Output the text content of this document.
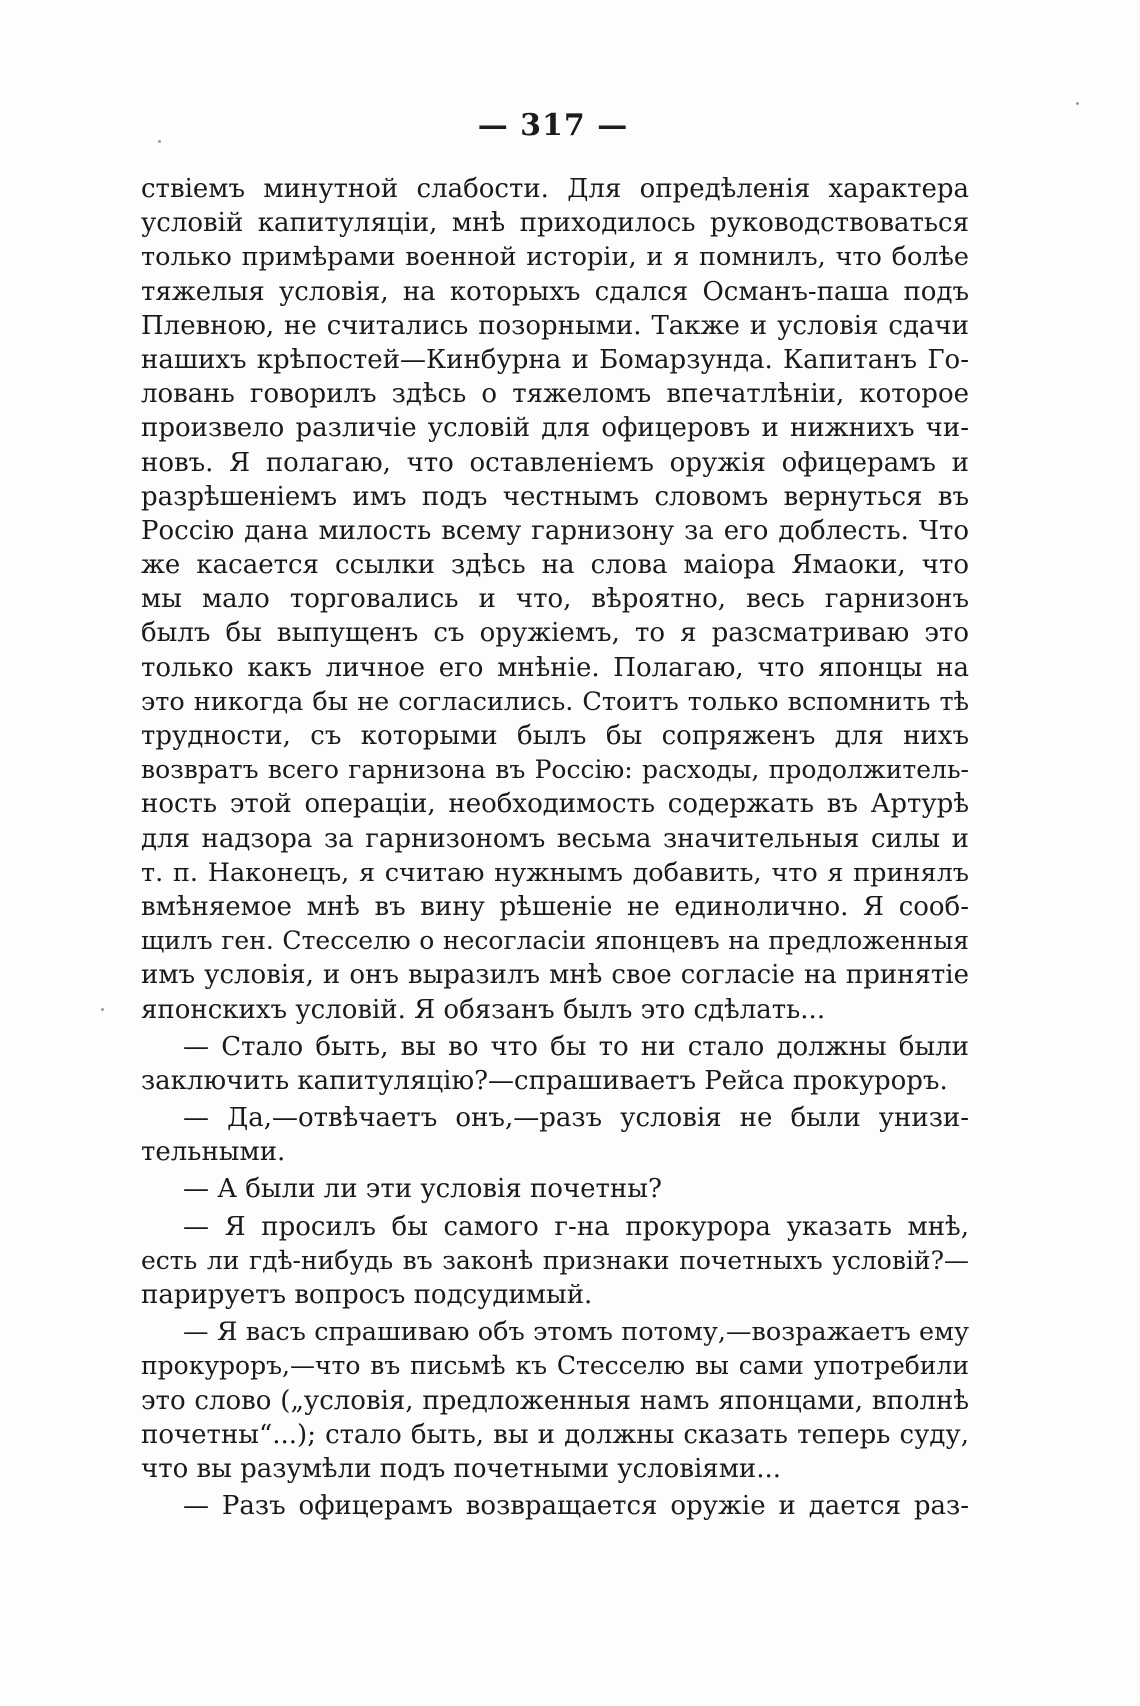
— 317 —
ствіемъ минутной слабости. Для опредѣленія характера
условій капитуляціи, мнѣ приходилось руководствоваться
только примѣрами военной исторіи, и я помнилъ, что болѣе
тяжелыя условія, на которыхъ сдался Османъ-паша подъ
Плевною, не считались позорными. Также и условія сдачи
нашихъ крѣпостей—Кинбурна и Бомарзунда. Капитанъ Го-
ловань говорилъ здѣсь о тяжеломъ впечатлѣніи, которое
произвело различіе условій для офицеровъ и нижнихъ чи-
новъ. Я полагаю, что оставленіемъ оружія офицерамъ и
разрѣшеніемъ имъ подъ честнымъ словомъ вернуться въ
Россію дана милость всему гарнизону за его доблесть. Что
же касается ссылки здѣсь на слова маіора Ямаоки, что
мы мало торговались и что, вѣроятно, весь гарнизонъ
былъ бы выпущенъ съ оружіемъ, то я разсматриваю это
только какъ личное его мнѣніе. Полагаю, что японцы на
это никогда бы не согласились. Стоитъ только вспомнить тѣ
трудности, съ которыми былъ бы сопряженъ для нихъ
возвратъ всего гарнизона въ Россію: расходы, продолжитель-
ность этой операціи, необходимость содержать въ Артурѣ
для надзора за гарнизономъ весьма значительныя силы и
т. п. Наконецъ, я считаю нужнымъ добавить, что я принялъ
вмѣняемое мнѣ въ вину рѣшеніе не единолично. Я сооб-
щилъ ген. Стесселю о несогласіи японцевъ на предложенныя
имъ условія, и онъ выразилъ мнѣ свое согласіе на принятіе
японскихъ условій. Я обязанъ былъ это сдѣлать...
— Стало быть, вы во что бы то ни стало должны были
заключить капитуляцію?—спрашиваетъ Рейса прокуроръ.
— Да,—отвѣчаетъ онъ,—разъ условія не были унизи-
тельными.
— А были ли эти условія почетны?
— Я просилъ бы самого г-на прокурора указать мнѣ,
есть ли гдѣ-нибудь въ законѣ признаки почетныхъ условій?—
парируетъ вопросъ подсудимый.
— Я васъ спрашиваю объ этомъ потому,—возражаетъ ему
прокуроръ,—что въ письмѣ къ Стесселю вы сами употребили
это слово („условія, предложенныя намъ японцами, вполнѣ
почетны“...); стало быть, вы и должны сказать теперь суду,
что вы разумѣли подъ почетными условіями...
— Разъ офицерамъ возвращается оружіе и дается раз-
